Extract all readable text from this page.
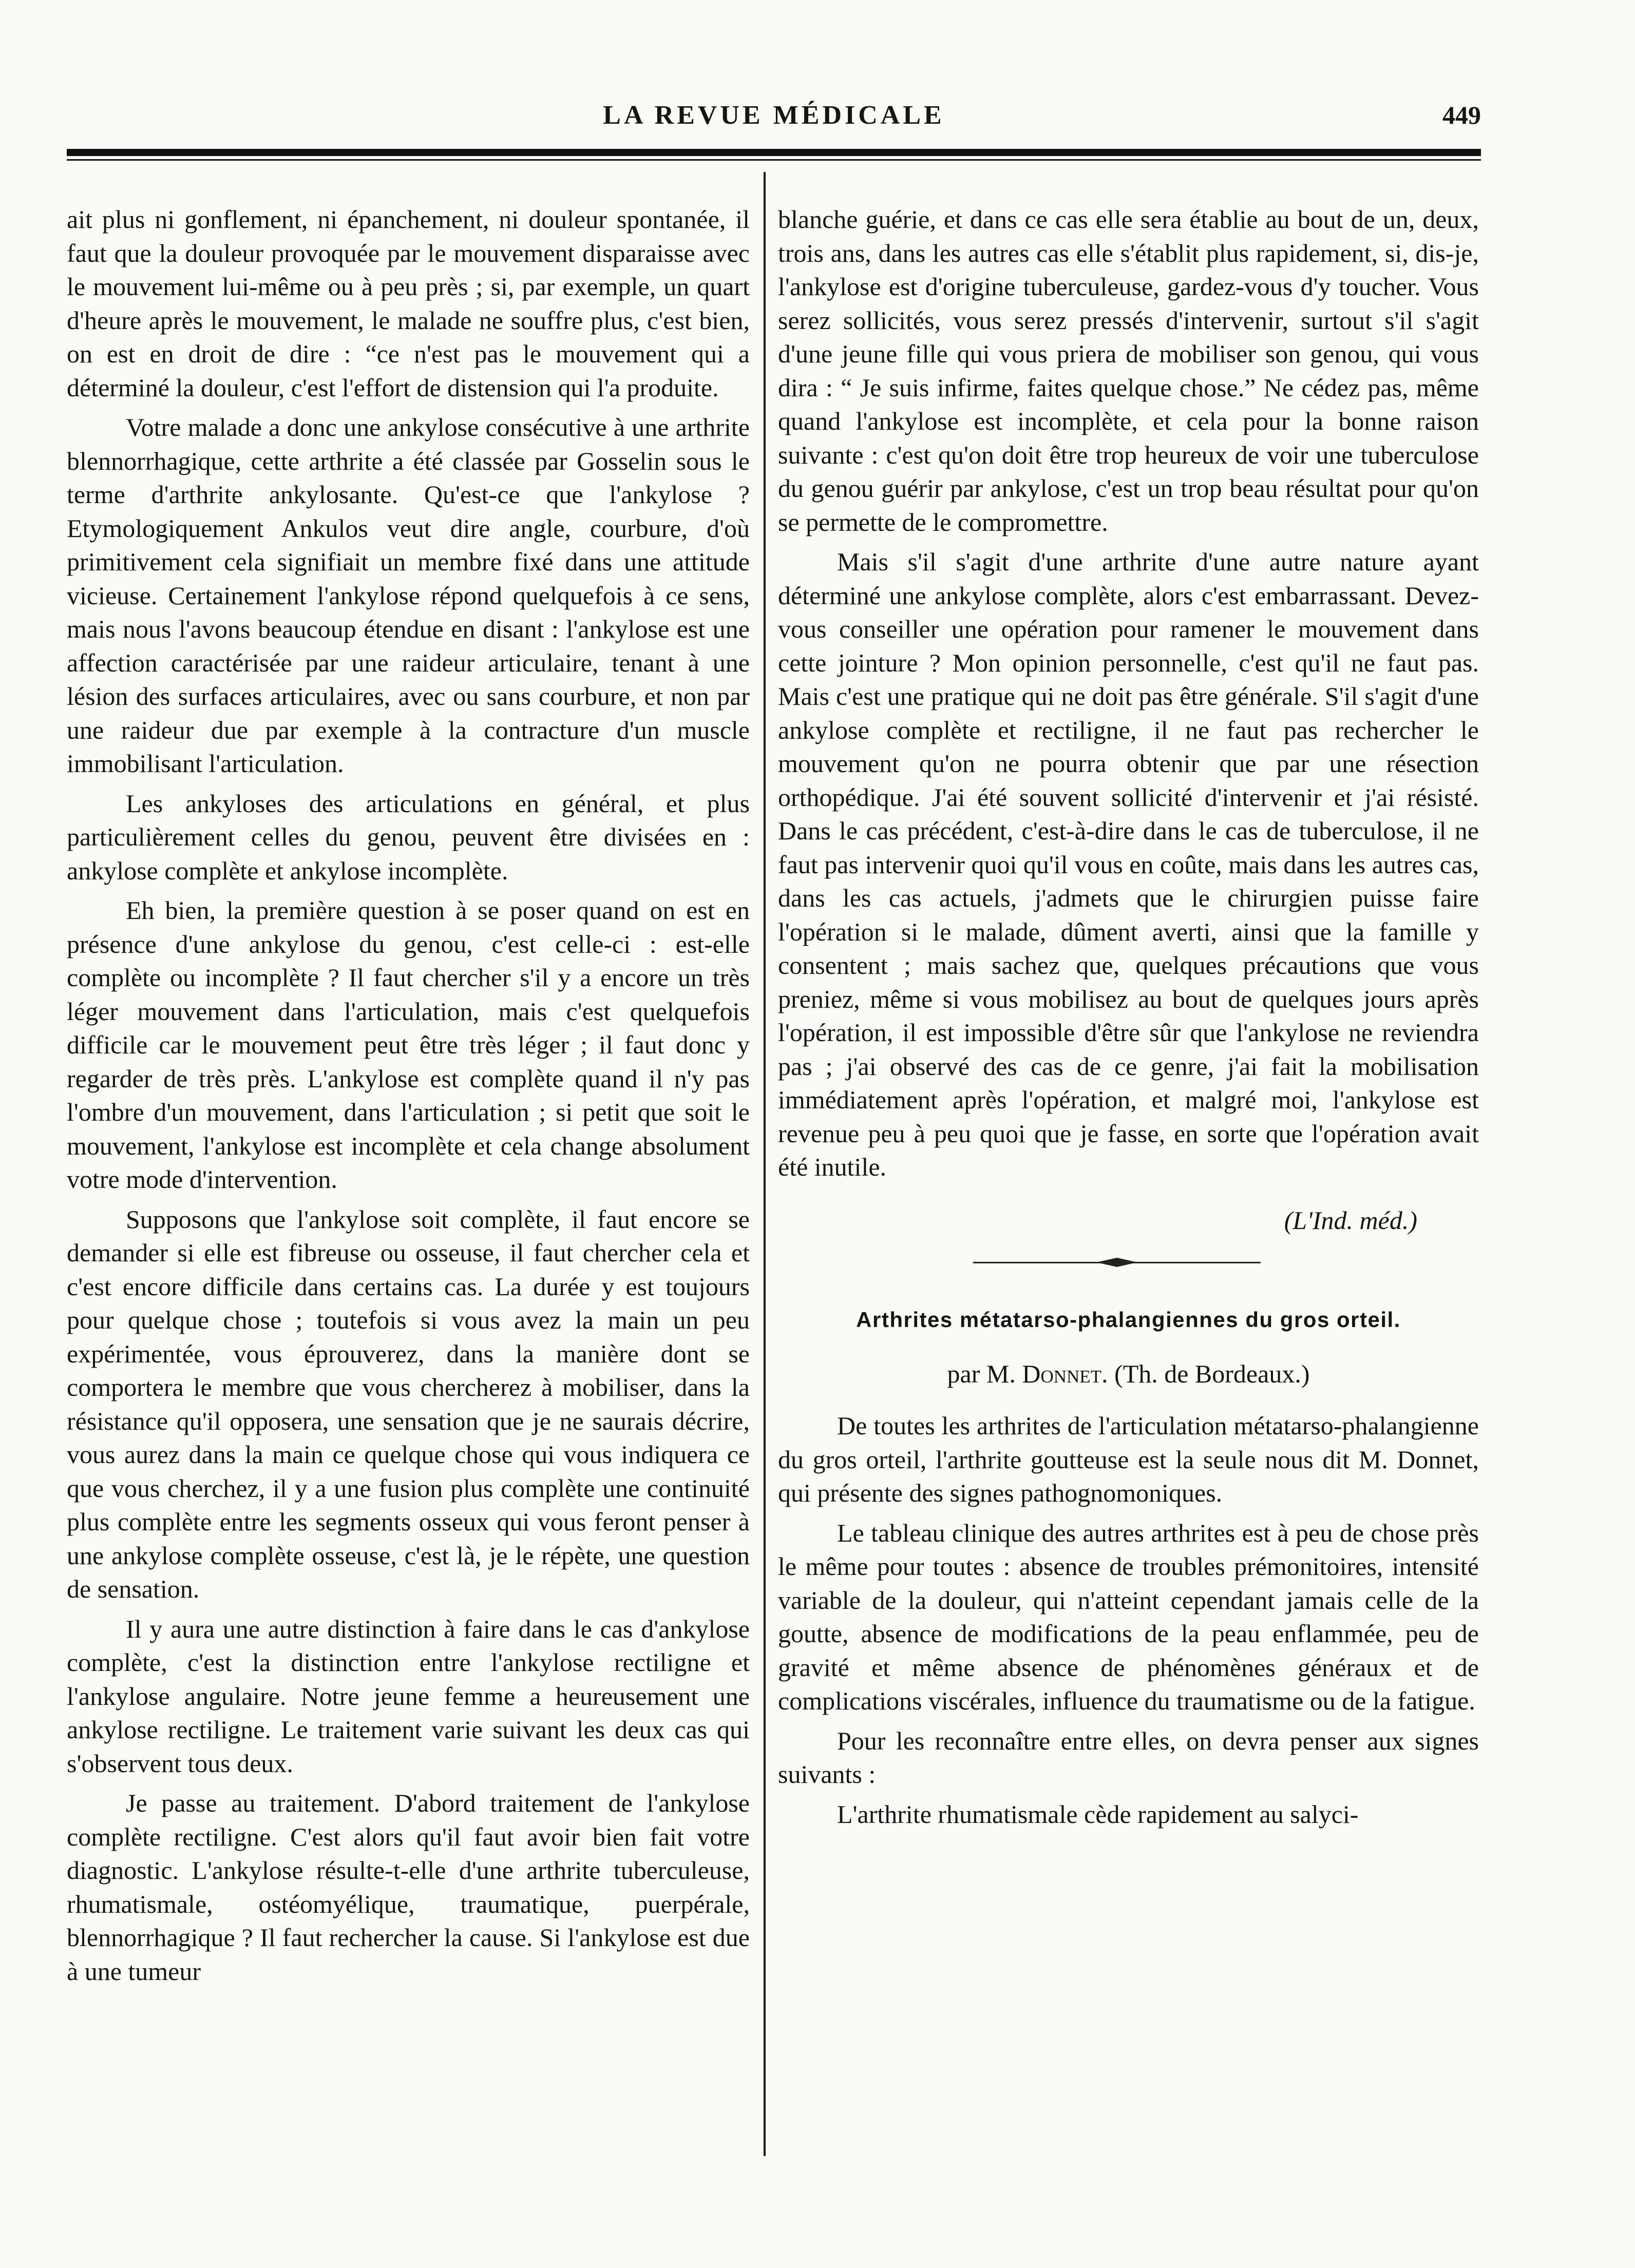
LA REVUE MÉDICALE	449

ait plus ni gonflement, ni épanchement, ni douleur spontanée, il faut que la douleur provoquée par le mouvement disparaisse avec le mouvement lui-même ou à peu près ; si, par exemple, un quart d'heure après le mouvement, le malade ne souffre plus, c'est bien, on est en droit de dire : “ce n'est pas le mouvement qui a déterminé la douleur, c'est l'effort de distension qui l'a produite.

Votre malade a donc une ankylose consécutive à une arthrite blennorrhagique, cette arthrite a été classée par Gosselin sous le terme d'arthrite ankylosante. Qu'est-ce que l'ankylose ? Etymologiquement Ankulos veut dire angle, courbure, d'où primitivement cela signifiait un membre fixé dans une attitude vicieuse. Certainement l'ankylose répond quelquefois à ce sens, mais nous l'avons beaucoup étendue en disant : l'ankylose est une affection caractérisée par une raideur articulaire, tenant à une lésion des surfaces articulaires, avec ou sans courbure, et non par une raideur due par exemple à la contracture d'un muscle immobilisant l'articulation.

Les ankyloses des articulations en général, et plus particulièrement celles du genou, peuvent être divisées en : ankylose complète et ankylose incomplète.

Eh bien, la première question à se poser quand on est en présence d'une ankylose du genou, c'est celle-ci : est-elle complète ou incomplète ? Il faut chercher s'il y a encore un très léger mouvement dans l'articulation, mais c'est quelquefois difficile car le mouvement peut être très léger ; il faut donc y regarder de très près. L'ankylose est complète quand il n'y pas l'ombre d'un mouvement, dans l'articulation ; si petit que soit le mouvement, l'ankylose est incomplète et cela change absolument votre mode d'intervention.

Supposons que l'ankylose soit complète, il faut encore se demander si elle est fibreuse ou osseuse, il faut chercher cela et c'est encore difficile dans certains cas. La durée y est toujours pour quelque chose ; toutefois si vous avez la main un peu expérimentée, vous éprouverez, dans la manière dont se comportera le membre que vous chercherez à mobiliser, dans la résistance qu'il opposera, une sensation que je ne saurais décrire, vous aurez dans la main ce quelque chose qui vous indiquera ce que vous cherchez, il y a une fusion plus complète une continuité plus complète entre les segments osseux qui vous feront penser à une ankylose complète osseuse, c'est là, je le répète, une question de sensation.

Il y aura une autre distinction à faire dans le cas d'ankylose complète, c'est la distinction entre l'ankylose rectiligne et l'ankylose angulaire. Notre jeune femme a heureusement une ankylose rectiligne. Le traitement varie suivant les deux cas qui s'observent tous deux.

Je passe au traitement. D'abord traitement de l'ankylose complète rectiligne. C'est alors qu'il faut avoir bien fait votre diagnostic. L'ankylose résulte-t-elle d'une arthrite tuberculeuse, rhumatismale, ostéomyélique, traumatique, puerpérale, blennorrhagique ? Il faut rechercher la cause. Si l'ankylose est due à une tumeur

blanche guérie, et dans ce cas elle sera établie au bout de un, deux, trois ans, dans les autres cas elle s'établit plus rapidement, si, dis-je, l'ankylose est d'origine tuberculeuse, gardez-vous d'y toucher. Vous serez sollicités, vous serez pressés d'intervenir, surtout s'il s'agit d'une jeune fille qui vous priera de mobiliser son genou, qui vous dira : “ Je suis infirme, faites quelque chose.” Ne cédez pas, même quand l'ankylose est incomplète, et cela pour la bonne raison suivante : c'est qu'on doit être trop heureux de voir une tuberculose du genou guérir par ankylose, c'est un trop beau résultat pour qu'on se permette de le compromettre.

Mais s'il s'agit d'une arthrite d'une autre nature ayant déterminé une ankylose complète, alors c'est embarrassant. Devez-vous conseiller une opération pour ramener le mouvement dans cette jointure ? Mon opinion personnelle, c'est qu'il ne faut pas. Mais c'est une pratique qui ne doit pas être générale. S'il s'agit d'une ankylose complète et rectiligne, il ne faut pas rechercher le mouvement qu'on ne pourra obtenir que par une résection orthopédique. J'ai été souvent sollicité d'intervenir et j'ai résisté. Dans le cas précédent, c'est-à-dire dans le cas de tuberculose, il ne faut pas intervenir quoi qu'il vous en coûte, mais dans les autres cas, dans les cas actuels, j'admets que le chirurgien puisse faire l'opération si le malade, dûment averti, ainsi que la famille y consentent ; mais sachez que, quelques précautions que vous preniez, même si vous mobilisez au bout de quelques jours après l'opération, il est impossible d'être sûr que l'ankylose ne reviendra pas ; j'ai observé des cas de ce genre, j'ai fait la mobilisation immédiatement après l'opération, et malgré moi, l'ankylose est revenue peu à peu quoi que je fasse, en sorte que l'opération avait été inutile.

(L'Ind. méd.)
Arthrites métatarso-phalangiennes du gros orteil.
par M. Donnet. (Th. de Bordeaux.)

De toutes les arthrites de l'articulation métatarso-phalangienne du gros orteil, l'arthrite goutteuse est la seule nous dit M. Donnet, qui présente des signes pathognomoniques.

Le tableau clinique des autres arthrites est à peu de chose près le même pour toutes : absence de troubles prémonitoires, intensité variable de la douleur, qui n'atteint cependant jamais celle de la goutte, absence de modifications de la peau enflammée, peu de gravité et même absence de phénomènes généraux et de complications viscérales, influence du traumatisme ou de la fatigue.

Pour les reconnaître entre elles, on devra penser aux signes suivants :

L'arthrite rhumatismale cède rapidement au salyci-
